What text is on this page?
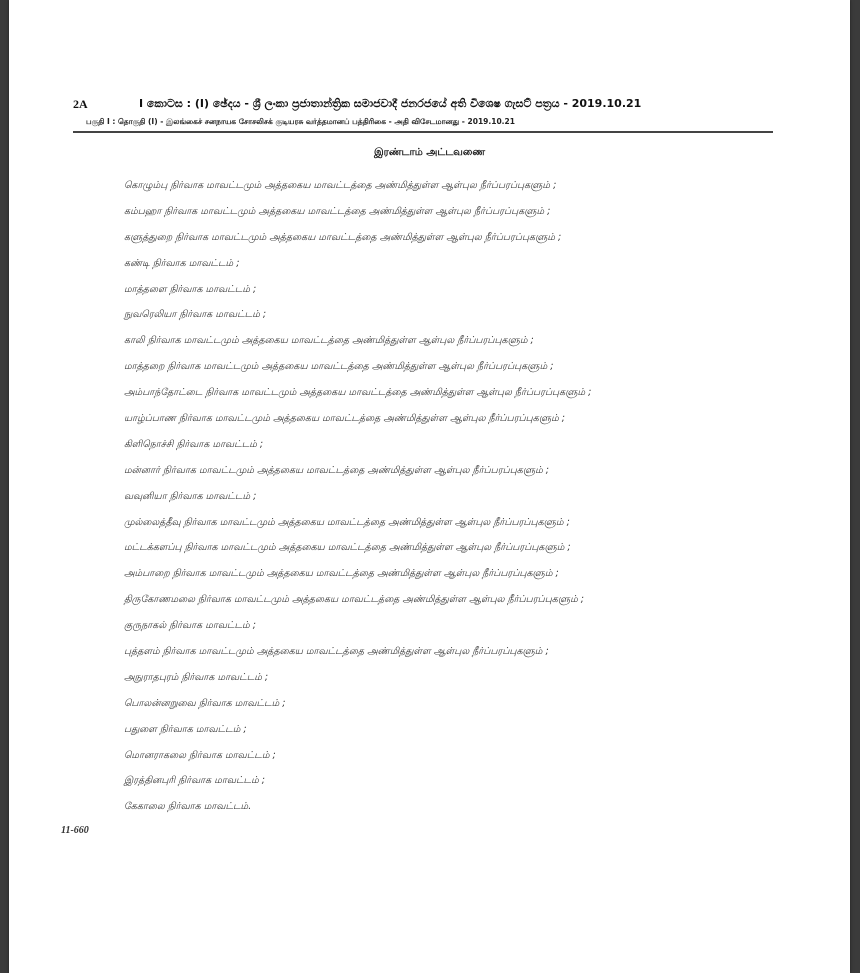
2A	I කොටස : (I) ඡේදය - ශ්‍රී ලංකා ප්‍රජාතාන්ත්‍රික සමාජවාදී ජනරජයේ අති විශෙෂ ගැසට් පත්‍රය - 2019.10.21
பகுதி I : தொகுதி (I) - இலங்கைச் சனநாயக சோசலிசக் குடியரசு வர்த்தமானப் பத்திரிகை - அதி விசேடமானது - 2019.10.21
இரண்டாம் அட்டவணை
கொழும்பு நிர்வாக மாவட்டமும் அத்தகைய மாவட்டத்தை அண்மித்துள்ள ஆள்புல நீர்ப்பரப்புகளும் ;
கம்பஹா நிர்வாக மாவட்டமும் அத்தகைய மாவட்டத்தை அண்மித்துள்ள ஆள்புல நீர்ப்பரப்புகளும் ;
களுத்துறை நிர்வாக மாவட்டமும் அத்தகைய மாவட்டத்தை அண்மித்துள்ள ஆள்புல நீர்ப்பரப்புகளும் ;
கண்டி நிர்வாக மாவட்டம் ;
மாத்தளை நிர்வாக மாவட்டம் ;
நுவரெலியா நிர்வாக மாவட்டம் ;
காலி நிர்வாக மாவட்டமும் அத்தகைய மாவட்டத்தை அண்மித்துள்ள ஆள்புல நீர்ப்பரப்புகளும் ;
மாத்தறை நிர்வாக மாவட்டமும் அத்தகைய மாவட்டத்தை அண்மித்துள்ள ஆள்புல நீர்ப்பரப்புகளும் ;
அம்பாந்தோட்டை நிர்வாக மாவட்டமும் அத்தகைய மாவட்டத்தை அண்மித்துள்ள ஆள்புல நீர்ப்பரப்புகளும் ;
யாழ்ப்பாண நிர்வாக மாவட்டமும் அத்தகைய மாவட்டத்தை அண்மித்துள்ள ஆள்புல நீர்ப்பரப்புகளும் ;
கிளிநொச்சி நிர்வாக மாவட்டம் ;
மன்னார் நிர்வாக மாவட்டமும் அத்தகைய மாவட்டத்தை அண்மித்துள்ள ஆள்புல நீர்ப்பரப்புகளும் ;
வவுனியா நிர்வாக மாவட்டம் ;
முல்லைத்தீவு நிர்வாக மாவட்டமும் அத்தகைய மாவட்டத்தை அண்மித்துள்ள ஆள்புல நீர்ப்பரப்புகளும் ;
மட்டக்களப்பு நிர்வாக மாவட்டமும் அத்தகைய மாவட்டத்தை அண்மித்துள்ள ஆள்புல நீர்ப்பரப்புகளும் ;
அம்பாறை நிர்வாக மாவட்டமும் அத்தகைய மாவட்டத்தை அண்மித்துள்ள ஆள்புல நீர்ப்பரப்புகளும் ;
திருகோணமலை நிர்வாக மாவட்டமும் அத்தகைய மாவட்டத்தை அண்மித்துள்ள ஆள்புல நீர்ப்பரப்புகளும் ;
குருநாகல் நிர்வாக மாவட்டம் ;
புத்தளம் நிர்வாக மாவட்டமும் அத்தகைய மாவட்டத்தை அண்மித்துள்ள ஆள்புல நீர்ப்பரப்புகளும் ;
அநுராதபுரம் நிர்வாக மாவட்டம் ;
பொலன்னறுவை நிர்வாக மாவட்டம் ;
பதுளை நிர்வாக மாவட்டம் ;
மொனராகலை நிர்வாக மாவட்டம் ;
இரத்தினபுரி நிர்வாக மாவட்டம் ;
கேகாலை நிர்வாக மாவட்டம்.
11-660
